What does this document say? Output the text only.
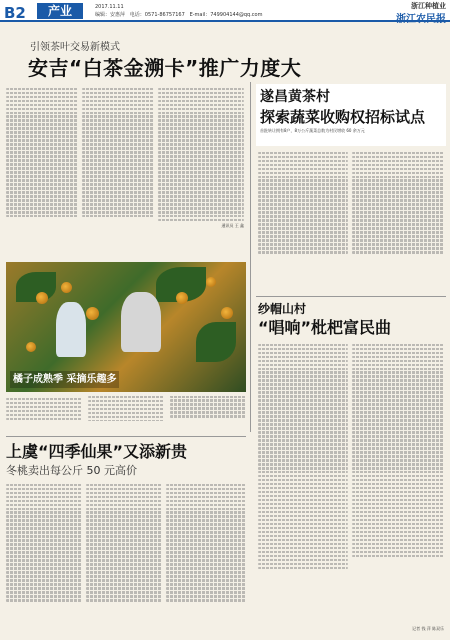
B2	产业	2017.11.11
编辑：安惠萍 电话：0571-86757167 E-mail：749904144@qq.com
浙江种植业
浙江农民报
引领茶叶交易新模式
安吉“白茶金溯卡”推广力度大
通讯员 王 鑫
橘子成熟季 采摘乐趣多
遂昌黄茶村
探索蔬菜收购权招标试点
首批转让拥有8户，8万公斤蔬菜总数为村民增收 60 余万元
纱帽山村
“唱响”枇杷富民曲
记者 钱 萍 陈双乐
上虞“四季仙果”又添新贵
冬桃卖出每公斤 50 元高价
